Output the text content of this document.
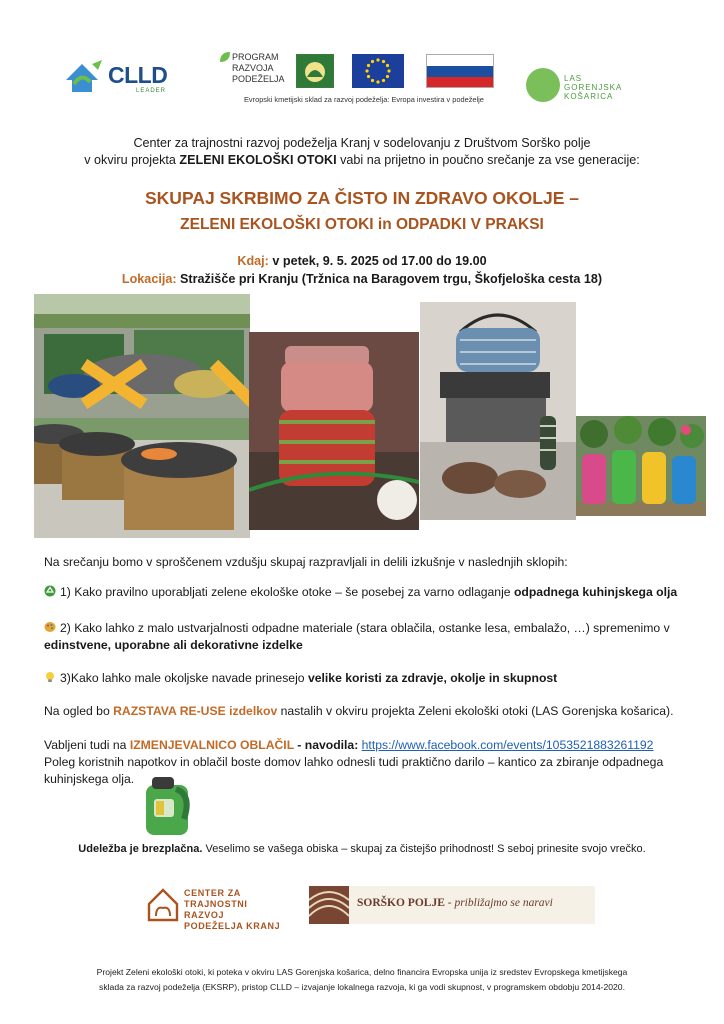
CLLD
LEADER
PROGRAM
RAZVOJA
PODEŽELJA
Evropski kmetijski sklad za razvoj podeželja: Evropa investira v podeželje
LAS
GORENJSKA
KOŠARICA
Center za trajnostni razvoj podeželja Kranj v sodelovanju z Društvom Sorško polje
v okviru projekta ZELENI EKOLOŠKI OTOKI vabi na prijetno in poučno srečanje za vse generacije:
SKUPAJ SKRBIMO ZA ČISTO IN ZDRAVO OKOLJE –
ZELENI EKOLOŠKI OTOKI in ODPADKI V PRAKSI
Kdaj: v petek, 9. 5. 2025 od 17.00 do 19.00
Lokacija: Stražišče pri Kranju (Tržnica na Baragovem trgu, Škofjeloška cesta 18)
Na srečanju bomo v sproščenem vzdušju skupaj razpravljali in delili izkušnje v naslednjih sklopih:
1) Kako pravilno uporabljati zelene ekološke otoke – še posebej za varno odlaganje odpadnega kuhinjskega olja
2) Kako lahko z malo ustvarjalnosti odpadne materiale (stara oblačila, ostanke lesa, embalažo, …) spremenimo v
edinstvene, uporabne ali dekorativne izdelke
3)Kako lahko male okoljske navade prinesejo velike koristi za zdravje, okolje in skupnost
Na ogled bo RAZSTAVA RE-USE izdelkov nastalih v okviru projekta Zeleni ekološki otoki (LAS Gorenjska košarica).
Vabljeni tudi na IZMENJEVALNICO OBLAČIL - navodila: https://www.facebook.com/events/1053521883261192
Poleg koristnih napotkov in oblačil boste domov lahko odnesli tudi praktično darilo – kantico za zbiranje odpadnega
kuhinjskega olja.
Udeležba je brezplačna. Veselimo se vašega obiska – skupaj za čistejšo prihodnost! S seboj prinesite svojo vrečko.
CENTER ZA
TRAJNOSTNI RAZVOJ
PODEŽELJA KRANJ
SORŠKO POLJE - približajmo se naravi
Projekt Zeleni ekološki otoki, ki poteka v okviru LAS Gorenjska košarica, delno financira Evropska unija iz sredstev Evropskega kmetijskega
sklada za razvoj podeželja (EKSRP), pristop CLLD – izvajanje lokalnega razvoja, ki ga vodi skupnost, v programskem obdobju 2014-2020.
